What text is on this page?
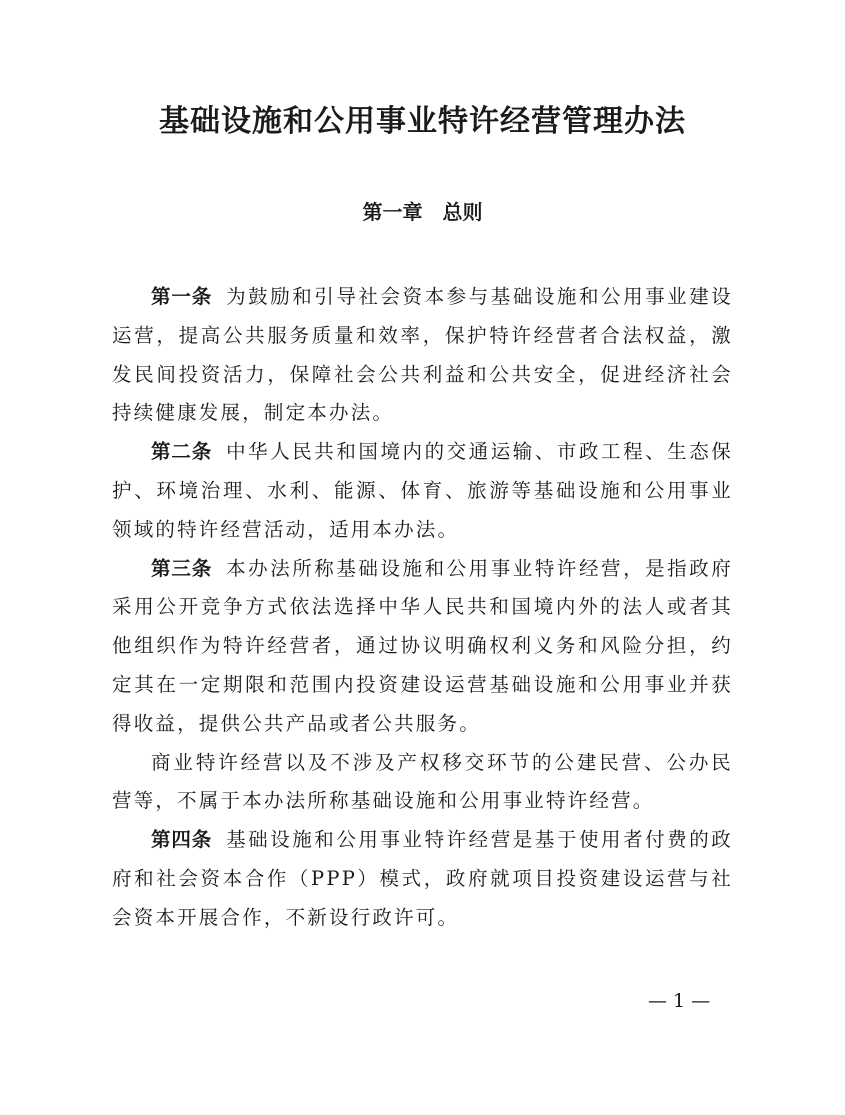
基础设施和公用事业特许经营管理办法
第一章　总则

第一条 为鼓励和引导社会资本参与基础设施和公用事业建设运营，提高公共服务质量和效率，保护特许经营者合法权益，激发民间投资活力，保障社会公共利益和公共安全，促进经济社会持续健康发展，制定本办法。

第二条 中华人民共和国境内的交通运输、市政工程、生态保护、环境治理、水利、能源、体育、旅游等基础设施和公用事业领域的特许经营活动，适用本办法。

第三条 本办法所称基础设施和公用事业特许经营，是指政府采用公开竞争方式依法选择中华人民共和国境内外的法人或者其他组织作为特许经营者，通过协议明确权利义务和风险分担，约定其在一定期限和范围内投资建设运营基础设施和公用事业并获得收益，提供公共产品或者公共服务。

商业特许经营以及不涉及产权移交环节的公建民营、公办民营等，不属于本办法所称基础设施和公用事业特许经营。

第四条 基础设施和公用事业特许经营是基于使用者付费的政府和社会资本合作（PPP）模式，政府就项目投资建设运营与社会资本开展合作，不新设行政许可。

— 1 —
